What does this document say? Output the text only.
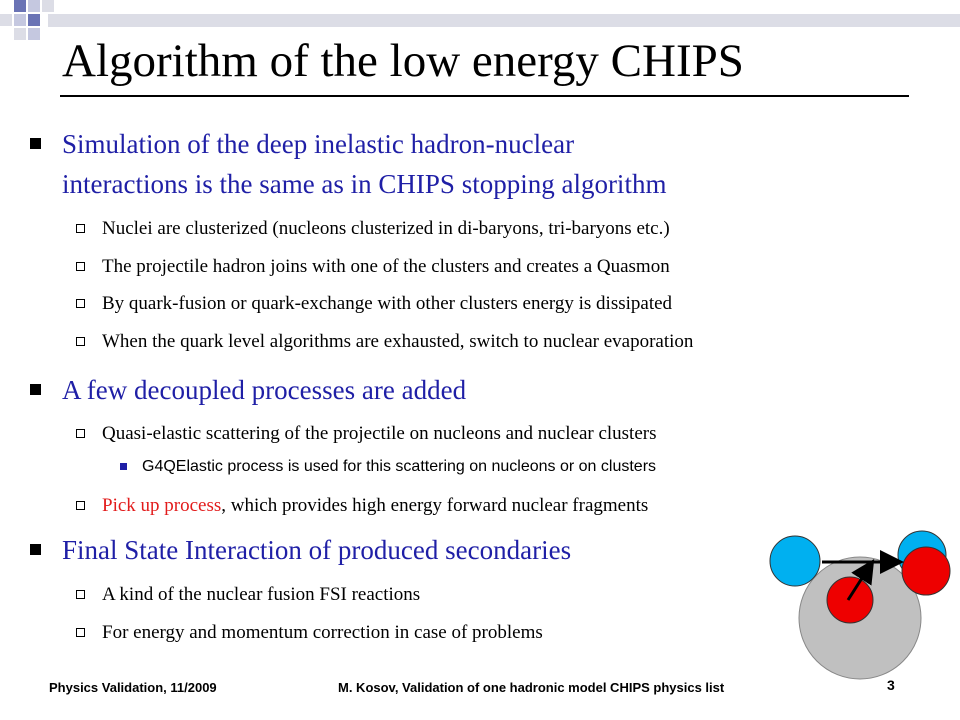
Algorithm of the low energy CHIPS
Simulation of the deep inelastic hadron-nuclear
interactions is the same as in CHIPS stopping algorithm
Nuclei are clusterized (nucleons clusterized in di-baryons, tri-baryons etc.)
The projectile hadron joins with one of the clusters and creates a Quasmon
By quark-fusion or quark-exchange with other clusters energy is dissipated
When the quark level algorithms are exhausted, switch to nuclear evaporation
A few decoupled processes are added
Quasi-elastic scattering of the projectile on nucleons and nuclear clusters
G4QElastic process is used for this scattering on nucleons or on clusters
Pick up process, which provides high energy forward nuclear fragments
Final State Interaction of produced secondaries
A kind of the nuclear fusion FSI reactions
For energy and momentum correction in case of problems
Physics Validation, 11/2009	M. Kosov, Validation of one hadronic model CHIPS physics list	3
